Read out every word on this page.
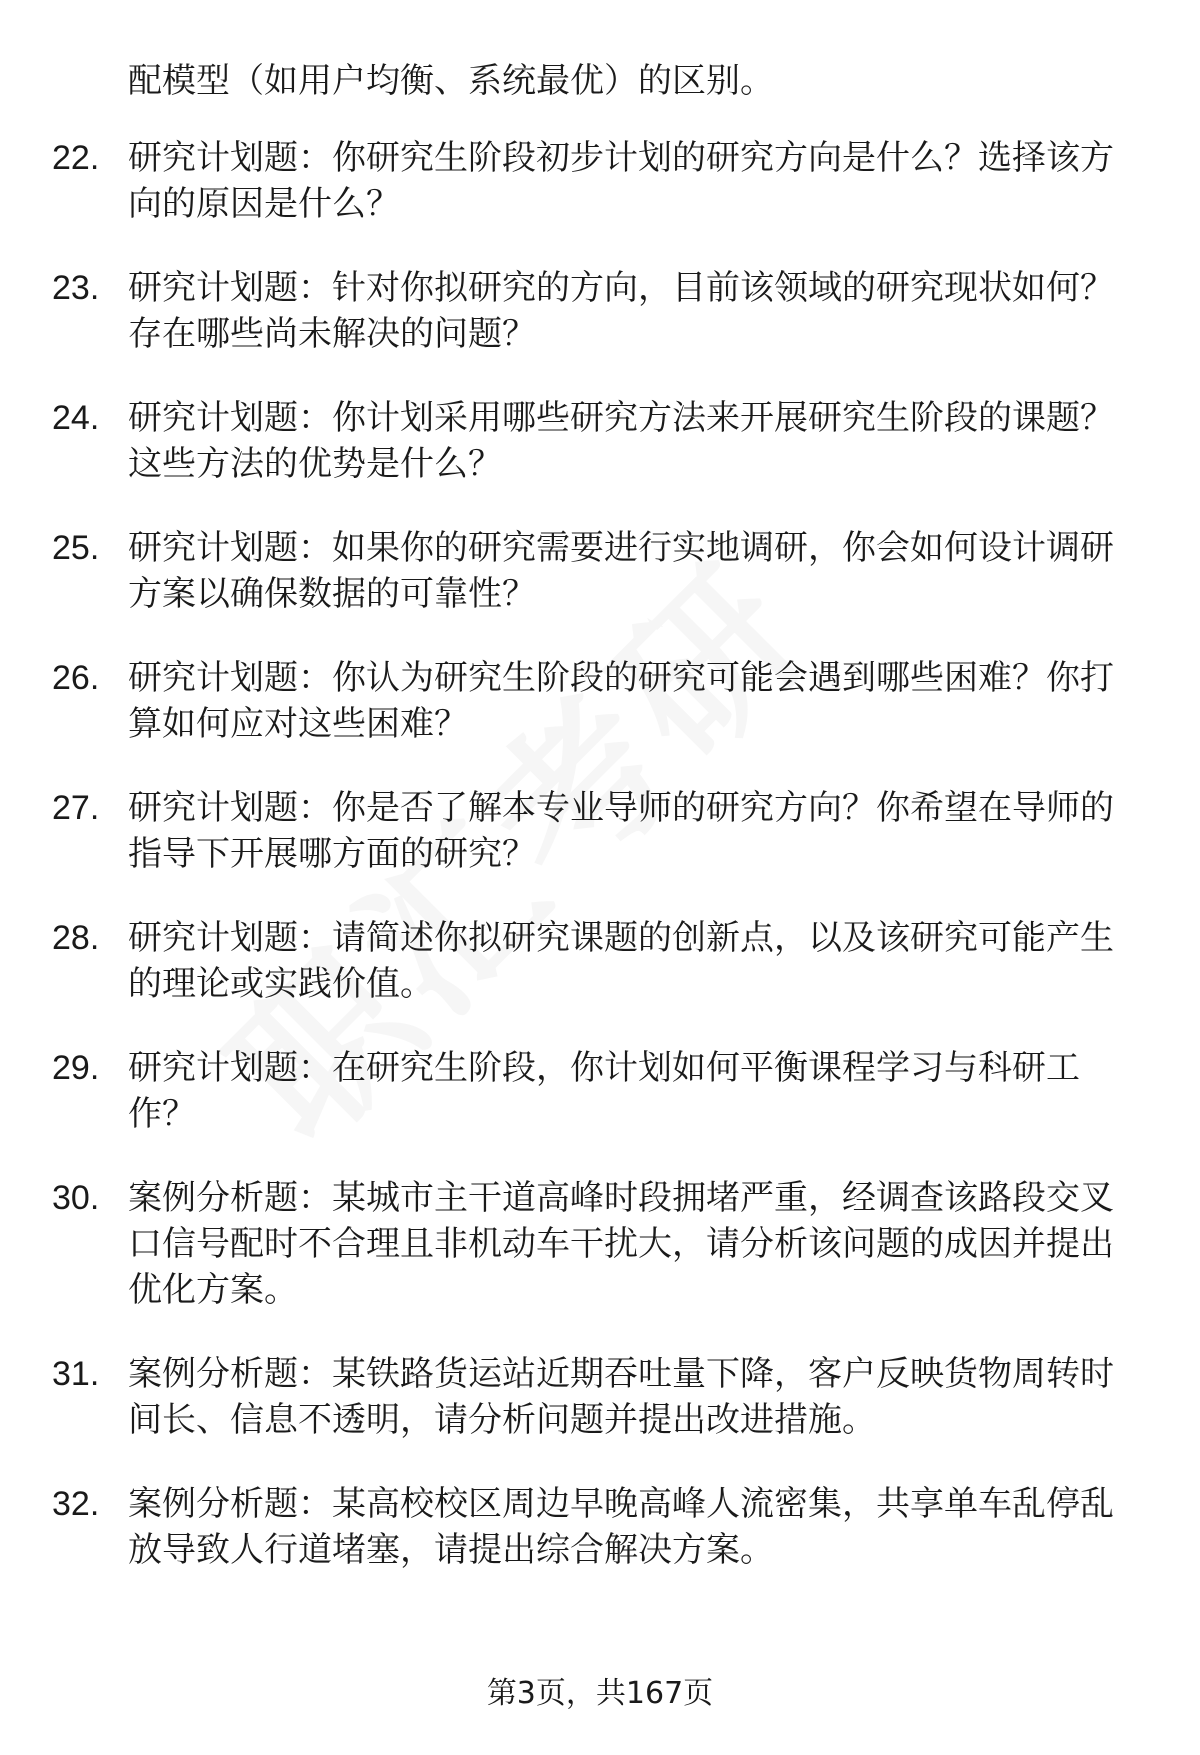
配模型（如用户均衡、系统最优）的区别。
22. 研究计划题：你研究生阶段初步计划的研究方向是什么？选择该方向的原因是什么？
23. 研究计划题：针对你拟研究的方向，目前该领域的研究现状如何？存在哪些尚未解决的问题？
24. 研究计划题：你计划采用哪些研究方法来开展研究生阶段的课题？这些方法的优势是什么？
25. 研究计划题：如果你的研究需要进行实地调研，你会如何设计调研方案以确保数据的可靠性？
26. 研究计划题：你认为研究生阶段的研究可能会遇到哪些困难？你打算如何应对这些困难？
27. 研究计划题：你是否了解本专业导师的研究方向？你希望在导师的指导下开展哪方面的研究？
28. 研究计划题：请简述你拟研究课题的创新点，以及该研究可能产生的理论或实践价值。
29. 研究计划题：在研究生阶段，你计划如何平衡课程学习与科研工作？
30. 案例分析题：某城市主干道高峰时段拥堵严重，经调查该路段交叉口信号配时不合理且非机动车干扰大，请分析该问题的成因并提出优化方案。
31. 案例分析题：某铁路货运站近期吞吐量下降，客户反映货物周转时间长、信息不透明，请分析问题并提出改进措施。
32. 案例分析题：某高校校区周边早晚高峰人流密集，共享单车乱停乱放导致人行道堵塞，请提出综合解决方案。
第3页，共167页
